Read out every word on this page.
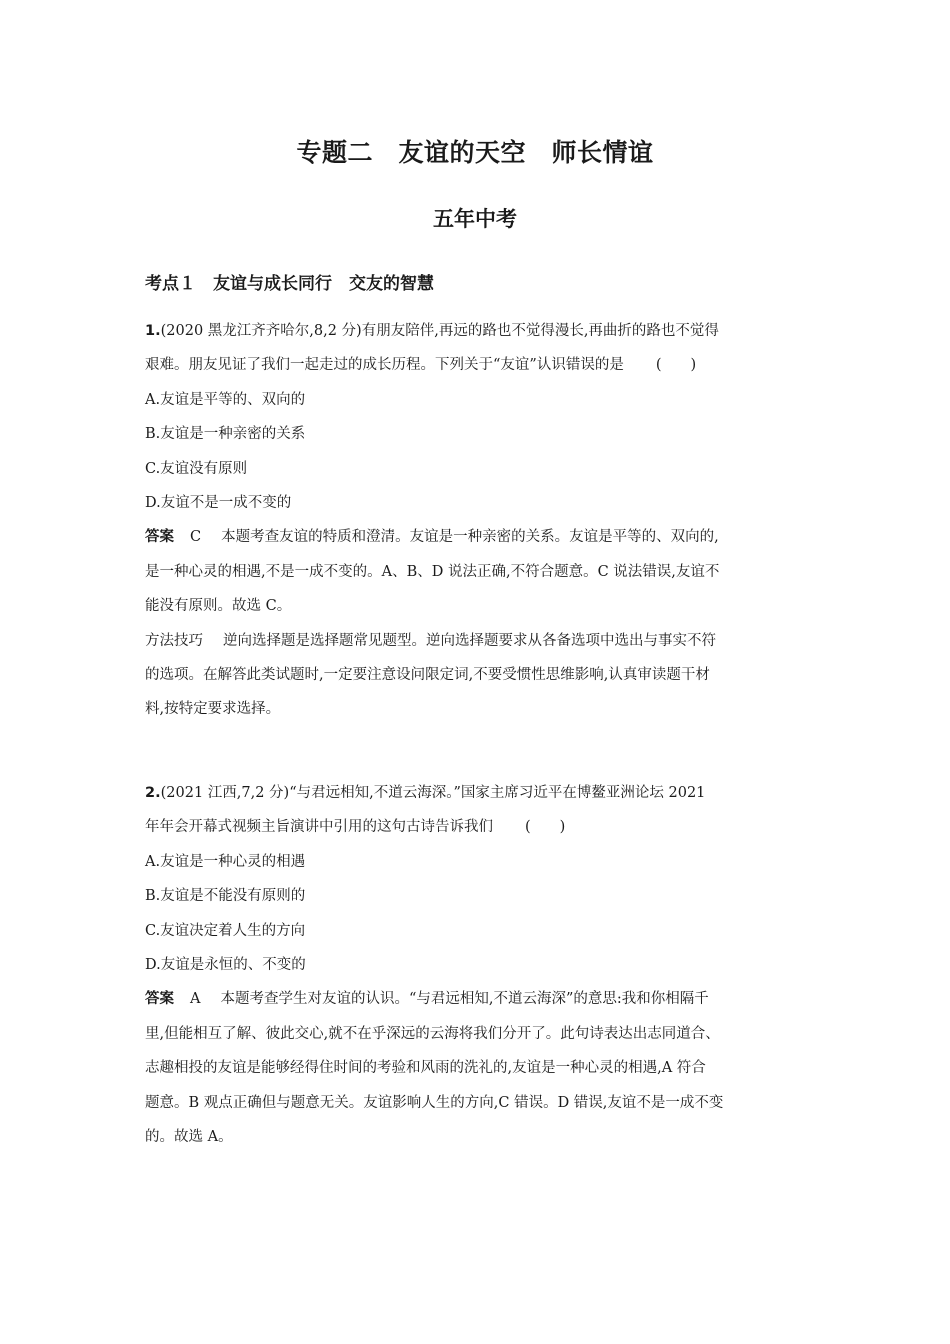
专题二　友谊的天空　师长情谊
五年中考
考点１　友谊与成长同行　交友的智慧
1.(2020 黑龙江齐齐哈尔,8,2 分)有朋友陪伴,再远的路也不觉得漫长,再曲折的路也不觉得
艰难。朋友见证了我们一起走过的成长历程。下列关于“友谊”认识错误的是 (　　)
A.友谊是平等的、双向的
B.友谊是一种亲密的关系
C.友谊没有原则
D.友谊不是一成不变的
答案 C 本题考查友谊的特质和澄清。友谊是一种亲密的关系。友谊是平等的、双向的,
是一种心灵的相遇,不是一成不变的。A、B、D 说法正确,不符合题意。C 说法错误,友谊不
能没有原则。故选 C。
方法技巧 逆向选择题是选择题常见题型。逆向选择题要求从各备选项中选出与事实不符
的选项。在解答此类试题时,一定要注意设问限定词,不要受惯性思维影响,认真审读题干材
料,按特定要求选择。
2.(2021 江西,7,2 分)“与君远相知,不道云海深。”国家主席习近平在博鳌亚洲论坛 2021
年年会开幕式视频主旨演讲中引用的这句古诗告诉我们 (　　)
A.友谊是一种心灵的相遇
B.友谊是不能没有原则的
C.友谊决定着人生的方向
D.友谊是永恒的、不变的
答案 A 本题考查学生对友谊的认识。“与君远相知,不道云海深”的意思:我和你相隔千
里,但能相互了解、彼此交心,就不在乎深远的云海将我们分开了。此句诗表达出志同道合、
志趣相投的友谊是能够经得住时间的考验和风雨的洗礼的,友谊是一种心灵的相遇,A 符合
题意。B 观点正确但与题意无关。友谊影响人生的方向,C 错误。D 错误,友谊不是一成不变
的。故选 A。
